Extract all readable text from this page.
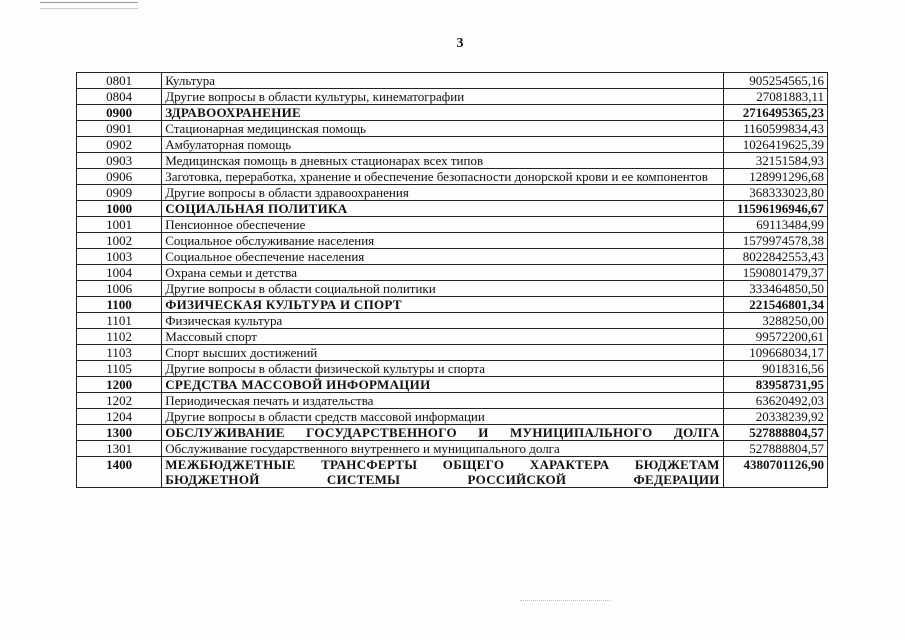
3
0801	Культура	905254565,16
0804	Другие вопросы в области культуры, кинематографии	27081883,11
0900	ЗДРАВООХРАНЕНИЕ	2716495365,23
0901	Стационарная медицинская помощь	1160599834,43
0902	Амбулаторная помощь	1026419625,39
0903	Медицинская помощь в дневных стационарах всех типов	32151584,93
0906	Заготовка, переработка, хранение и обеспечение безопасности донорской крови и ее компонентов	128991296,68
0909	Другие вопросы в области здравоохранения	368333023,80
1000	СОЦИАЛЬНАЯ ПОЛИТИКА	11596196946,67
1001	Пенсионное обеспечение	69113484,99
1002	Социальное обслуживание населения	1579974578,38
1003	Социальное обеспечение населения	8022842553,43
1004	Охрана семьи и детства	1590801479,37
1006	Другие вопросы в области социальной политики	333464850,50
1100	ФИЗИЧЕСКАЯ КУЛЬТУРА И СПОРТ	221546801,34
1101	Физическая культура	3288250,00
1102	Массовый спорт	99572200,61
1103	Спорт высших достижений	109668034,17
1105	Другие вопросы в области физической культуры и спорта	9018316,56
1200	СРЕДСТВА МАССОВОЙ ИНФОРМАЦИИ	83958731,95
1202	Периодическая печать и издательства	63620492,03
1204	Другие вопросы в области средств массовой информации	20338239,92
1300	ОБСЛУЖИВАНИЕ ГОСУДАРСТВЕННОГО И МУНИЦИПАЛЬНОГО ДОЛГА	527888804,57
1301	Обслуживание государственного внутреннего и муниципального долга	527888804,57
1400	МЕЖБЮДЖЕТНЫЕ ТРАНСФЕРТЫ ОБЩЕГО ХАРАКТЕРА БЮДЖЕТАМ БЮДЖЕТНОЙ СИСТЕМЫ РОССИЙСКОЙ ФЕДЕРАЦИИ	4380701126,90
